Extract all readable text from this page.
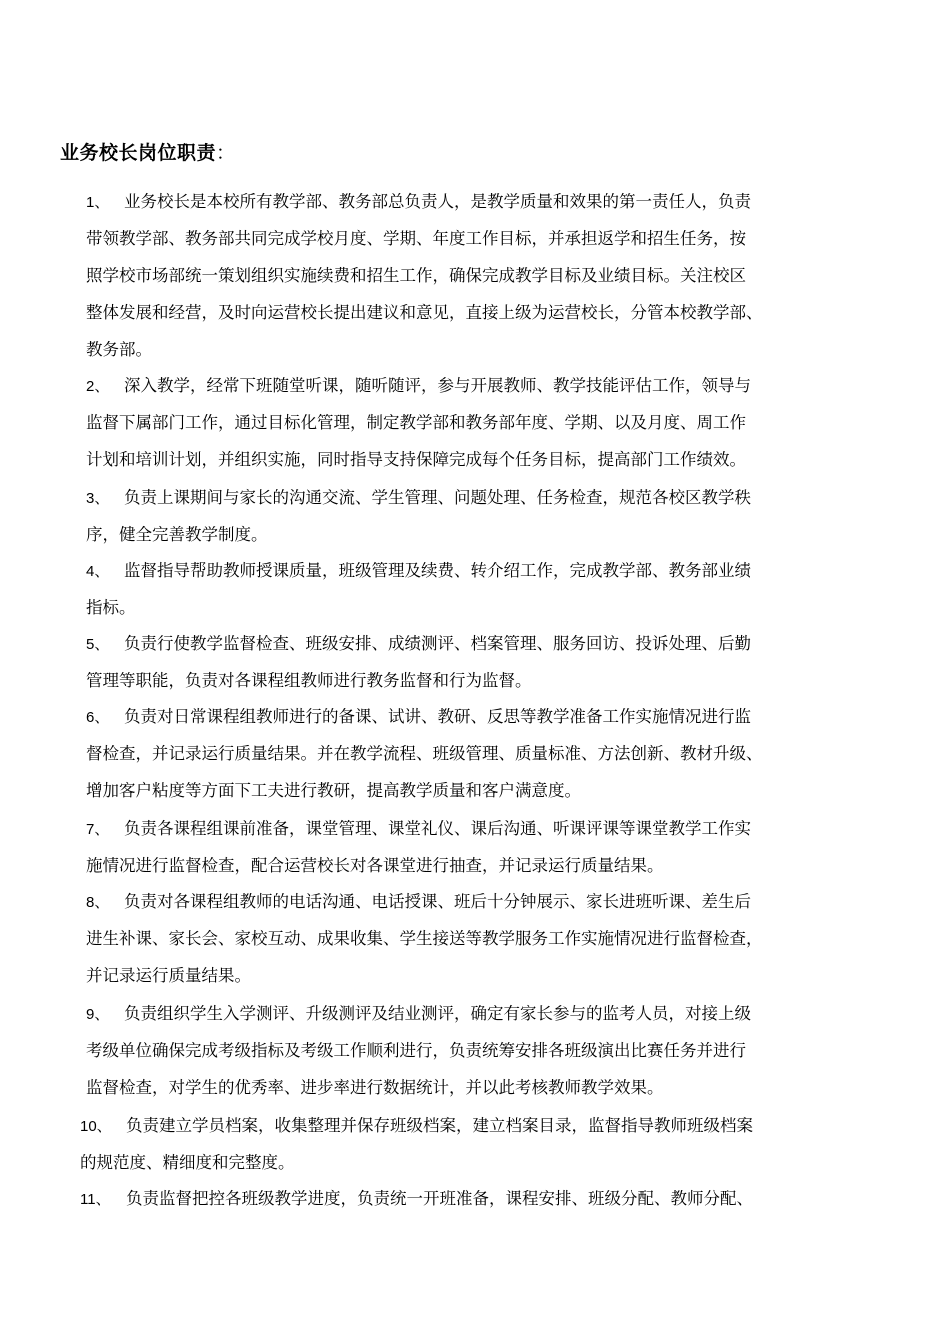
业务校长岗位职责：
1、 业务校长是本校所有教学部、教务部总负责人，是教学质量和效果的第一责任人，负责
带领教学部、教务部共同完成学校月度、学期、年度工作目标，并承担返学和招生任务，按
照学校市场部统一策划组织实施续费和招生工作，确保完成教学目标及业绩目标。关注校区
整体发展和经营，及时向运营校长提出建议和意见，直接上级为运营校长，分管本校教学部、
教务部。
2、 深入教学，经常下班随堂听课，随听随评，参与开展教师、教学技能评估工作，领导与
监督下属部门工作，通过目标化管理，制定教学部和教务部年度、学期、以及月度、周工作
计划和培训计划，并组织实施，同时指导支持保障完成每个任务目标，提高部门工作绩效。
3、 负责上课期间与家长的沟通交流、学生管理、问题处理、任务检查，规范各校区教学秩
序，健全完善教学制度。
4、 监督指导帮助教师授课质量，班级管理及续费、转介绍工作，完成教学部、教务部业绩
指标。
5、 负责行使教学监督检查、班级安排、成绩测评、档案管理、服务回访、投诉处理、后勤
管理等职能，负责对各课程组教师进行教务监督和行为监督。
6、 负责对日常课程组教师进行的备课、试讲、教研、反思等教学准备工作实施情况进行监
督检查，并记录运行质量结果。并在教学流程、班级管理、质量标准、方法创新、教材升级、
增加客户粘度等方面下工夫进行教研，提高教学质量和客户满意度。
7、 负责各课程组课前准备，课堂管理、课堂礼仪、课后沟通、听课评课等课堂教学工作实
施情况进行监督检查，配合运营校长对各课堂进行抽查，并记录运行质量结果。
8、 负责对各课程组教师的电话沟通、电话授课、班后十分钟展示、家长进班听课、差生后
进生补课、家长会、家校互动、成果收集、学生接送等教学服务工作实施情况进行监督检查，
并记录运行质量结果。
9、 负责组织学生入学测评、升级测评及结业测评，确定有家长参与的监考人员，对接上级
考级单位确保完成考级指标及考级工作顺利进行，负责统筹安排各班级演出比赛任务并进行
监督检查，对学生的优秀率、进步率进行数据统计，并以此考核教师教学效果。
10、 负责建立学员档案，收集整理并保存班级档案，建立档案目录，监督指导教师班级档案
的规范度、精细度和完整度。
11、 负责监督把控各班级教学进度，负责统一开班准备，课程安排、班级分配、教师分配、
